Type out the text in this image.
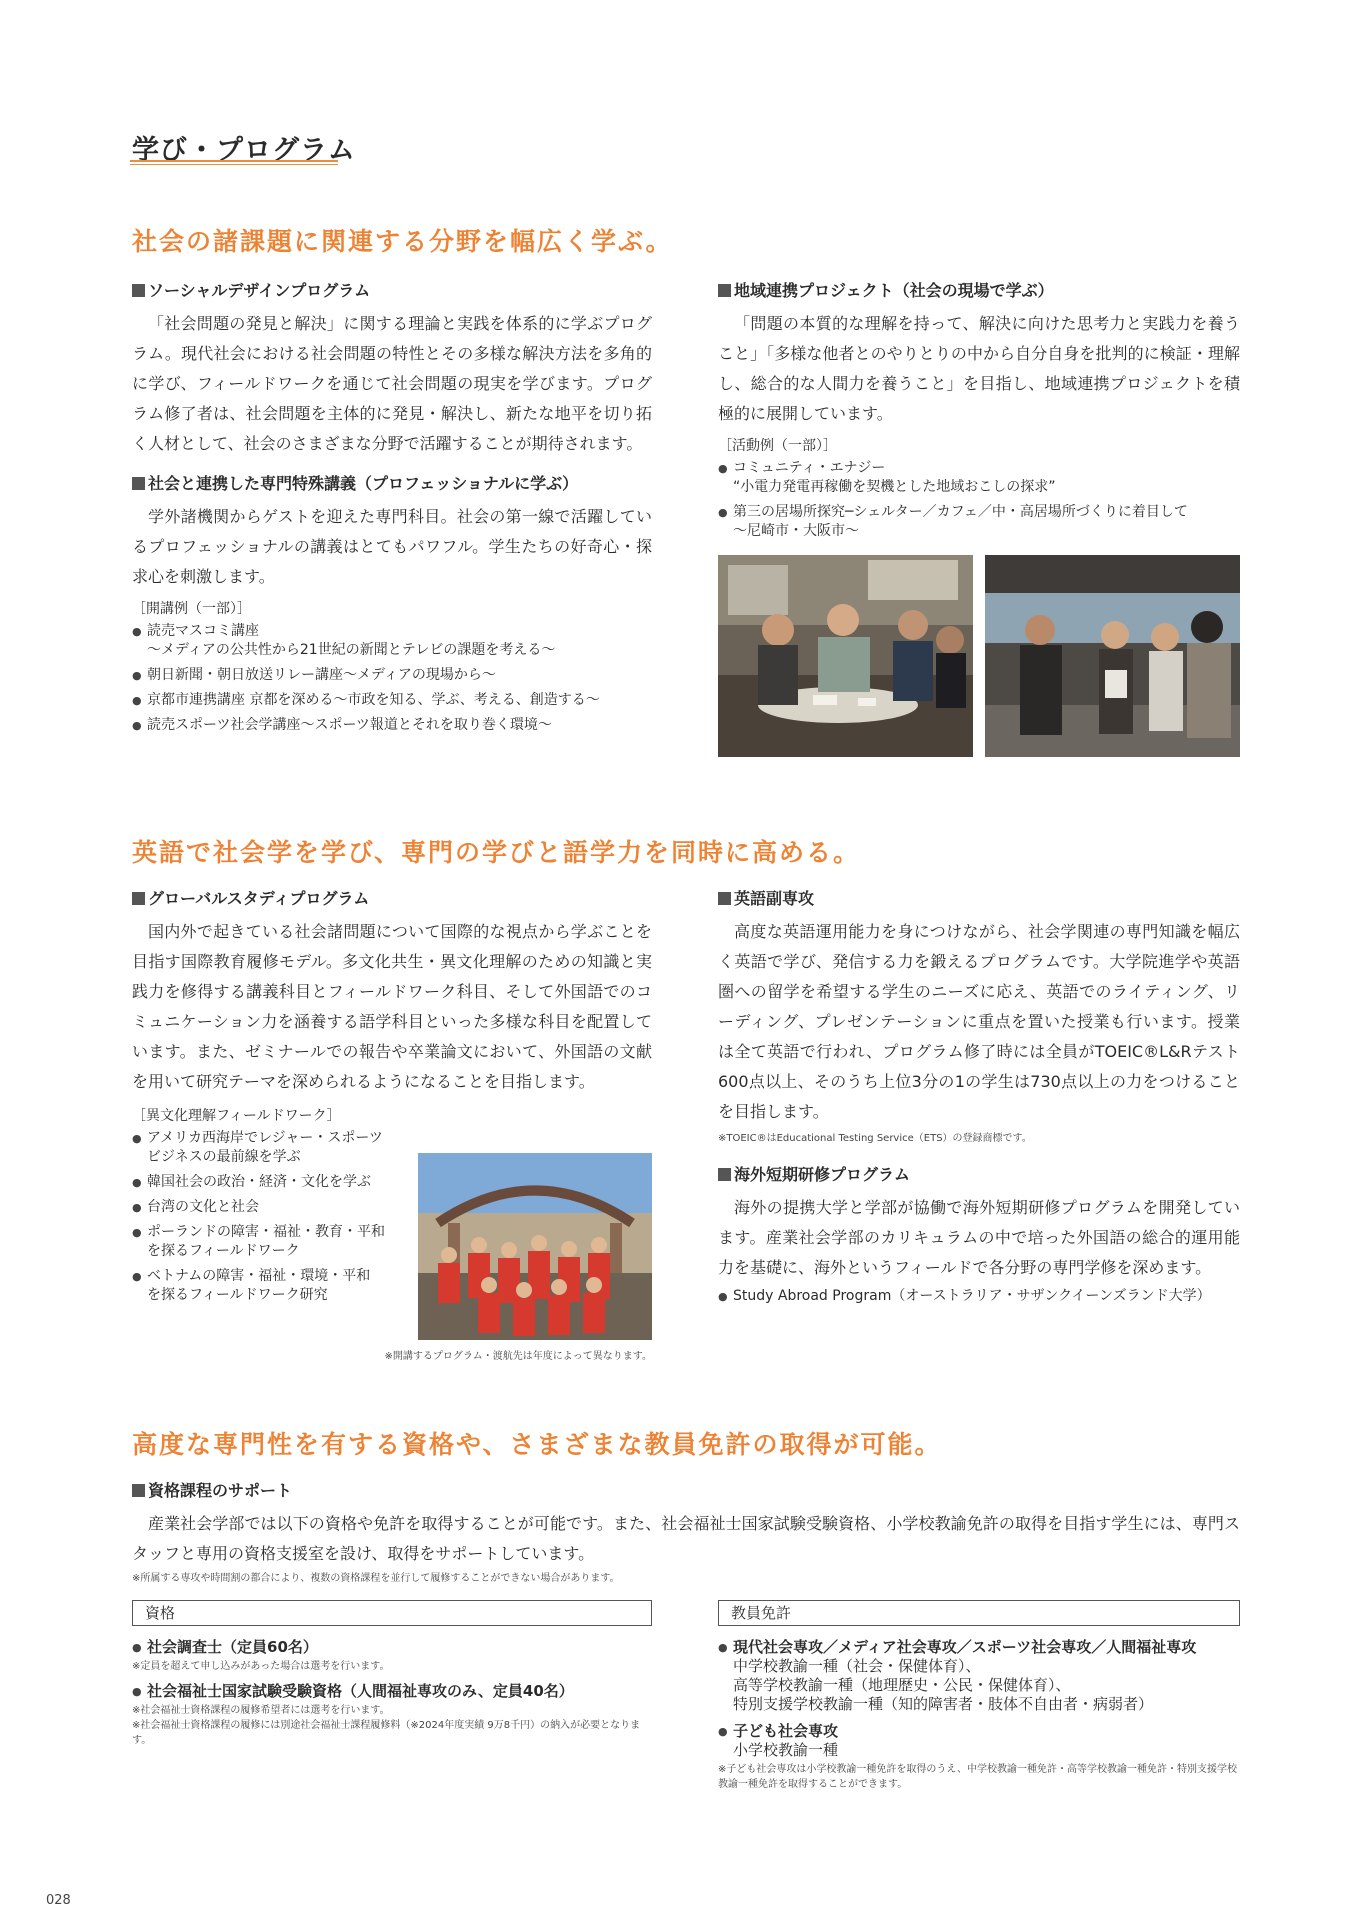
学び・プログラム
社会の諸課題に関連する分野を幅広く学ぶ。
ソーシャルデザインプログラム
「社会問題の発見と解決」に関する理論と実践を体系的に学ぶプログラム。現代社会における社会問題の特性とその多様な解決方法を多角的に学び、フィールドワークを通じて社会問題の現実を学びます。プログラム修了者は、社会問題を主体的に発見・解決し、新たな地平を切り拓く人材として、社会のさまざまな分野で活躍することが期待されます。
社会と連携した専門特殊講義（プロフェッショナルに学ぶ）
学外諸機関からゲストを迎えた専門科目。社会の第一線で活躍しているプロフェッショナルの講義はとてもパワフル。学生たちの好奇心・探求心を刺激します。
［開講例（一部）］
● 読売マスコミ講座
～メディアの公共性から21世紀の新聞とテレビの課題を考える～
● 朝日新聞・朝日放送リレー講座～メディアの現場から～
● 京都市連携講座 京都を深める～市政を知る、学ぶ、考える、創造する～
● 読売スポーツ社会学講座～スポーツ報道とそれを取り巻く環境～
地域連携プロジェクト（社会の現場で学ぶ）
「問題の本質的な理解を持って、解決に向けた思考力と実践力を養うこと」「多様な他者とのやりとりの中から自分自身を批判的に検証・理解し、総合的な人間力を養うこと」を目指し、地域連携プロジェクトを積極的に展開しています。
［活動例（一部）］
● コミュニティ・エナジー
“小電力発電再稼働を契機とした地域おこしの探求”
● 第三の居場所探究─シェルター／カフェ／中・高居場所づくりに着目して
～尼崎市・大阪市～
英語で社会学を学び、専門の学びと語学力を同時に高める。
グローバルスタディプログラム
国内外で起きている社会諸問題について国際的な視点から学ぶことを目指す国際教育履修モデル。多文化共生・異文化理解のための知識と実践力を修得する講義科目とフィールドワーク科目、そして外国語でのコミュニケーション力を涵養する語学科目といった多様な科目を配置しています。また、ゼミナールでの報告や卒業論文において、外国語の文献を用いて研究テーマを深められるようになることを目指します。
［異文化理解フィールドワーク］
● アメリカ西海岸でレジャー・スポーツ
ビジネスの最前線を学ぶ
● 韓国社会の政治・経済・文化を学ぶ
● 台湾の文化と社会
● ポーランドの障害・福祉・教育・平和
を探るフィールドワーク
● ベトナムの障害・福祉・環境・平和
を探るフィールドワーク研究
※開講するプログラム・渡航先は年度によって異なります。
英語副専攻
高度な英語運用能力を身につけながら、社会学関連の専門知識を幅広く英語で学び、発信する力を鍛えるプログラムです。大学院進学や英語圏への留学を希望する学生のニーズに応え、英語でのライティング、リーディング、プレゼンテーションに重点を置いた授業も行います。授業は全て英語で行われ、プログラム修了時には全員がTOEIC®L&Rテスト600点以上、そのうち上位3分の1の学生は730点以上の力をつけることを目指します。
※TOEIC®はEducational Testing Service（ETS）の登録商標です。
海外短期研修プログラム
海外の提携大学と学部が協働で海外短期研修プログラムを開発しています。産業社会学部のカリキュラムの中で培った外国語の総合的運用能力を基礎に、海外というフィールドで各分野の専門学修を深めます。
● Study Abroad Program（オーストラリア・サザンクイーンズランド大学）
高度な専門性を有する資格や、さまざまな教員免許の取得が可能。
資格課程のサポート
産業社会学部では以下の資格や免許を取得することが可能です。また、社会福祉士国家試験受験資格、小学校教諭免許の取得を目指す学生には、専門スタッフと専用の資格支援室を設け、取得をサポートしています。
※所属する専攻や時間割の都合により、複数の資格課程を並行して履修することができない場合があります。
資格
● 社会調査士（定員60名）
※定員を超えて申し込みがあった場合は選考を行います。
● 社会福祉士国家試験受験資格（人間福祉専攻のみ、定員40名）
※社会福祉士資格課程の履修希望者には選考を行います。
※社会福祉士資格課程の履修には別途社会福祉士課程履修料（※2024年度実績 9万8千円）の納入が必要となります。
教員免許
● 現代社会専攻／メディア社会専攻／スポーツ社会専攻／人間福祉専攻
中学校教諭一種（社会・保健体育）、
高等学校教諭一種（地理歴史・公民・保健体育）、
特別支援学校教諭一種（知的障害者・肢体不自由者・病弱者）
● 子ども社会専攻
小学校教諭一種
※子ども社会専攻は小学校教諭一種免許を取得のうえ、中学校教諭一種免許・高等学校教諭一種免許・特別支援学校教諭一種免許を取得することができます。
028
